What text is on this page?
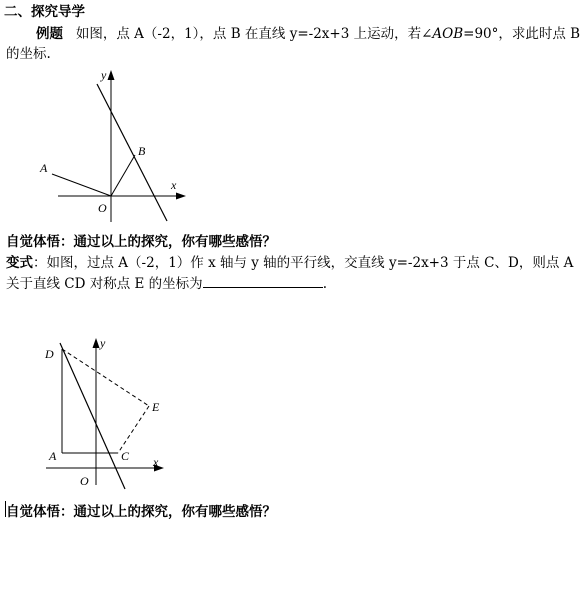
二、探究导学
例题 如图，点 A（-2，1），点 B 在直线 y=-2x+3 上运动，若∠AOB=90°，求此时点 B
的坐标.
y
x
A
B
O
y
x
D
E
A	C
O
自觉体悟：通过以上的探究，你有哪些感悟？
变式：如图，过点 A（-2，1）作 x 轴与 y 轴的平行线，交直线 y=-2x+3 于点 C、D，则点 A
关于直线 CD 对称点 E 的坐标为	.
自觉体悟：通过以上的探究，你有哪些感悟？
